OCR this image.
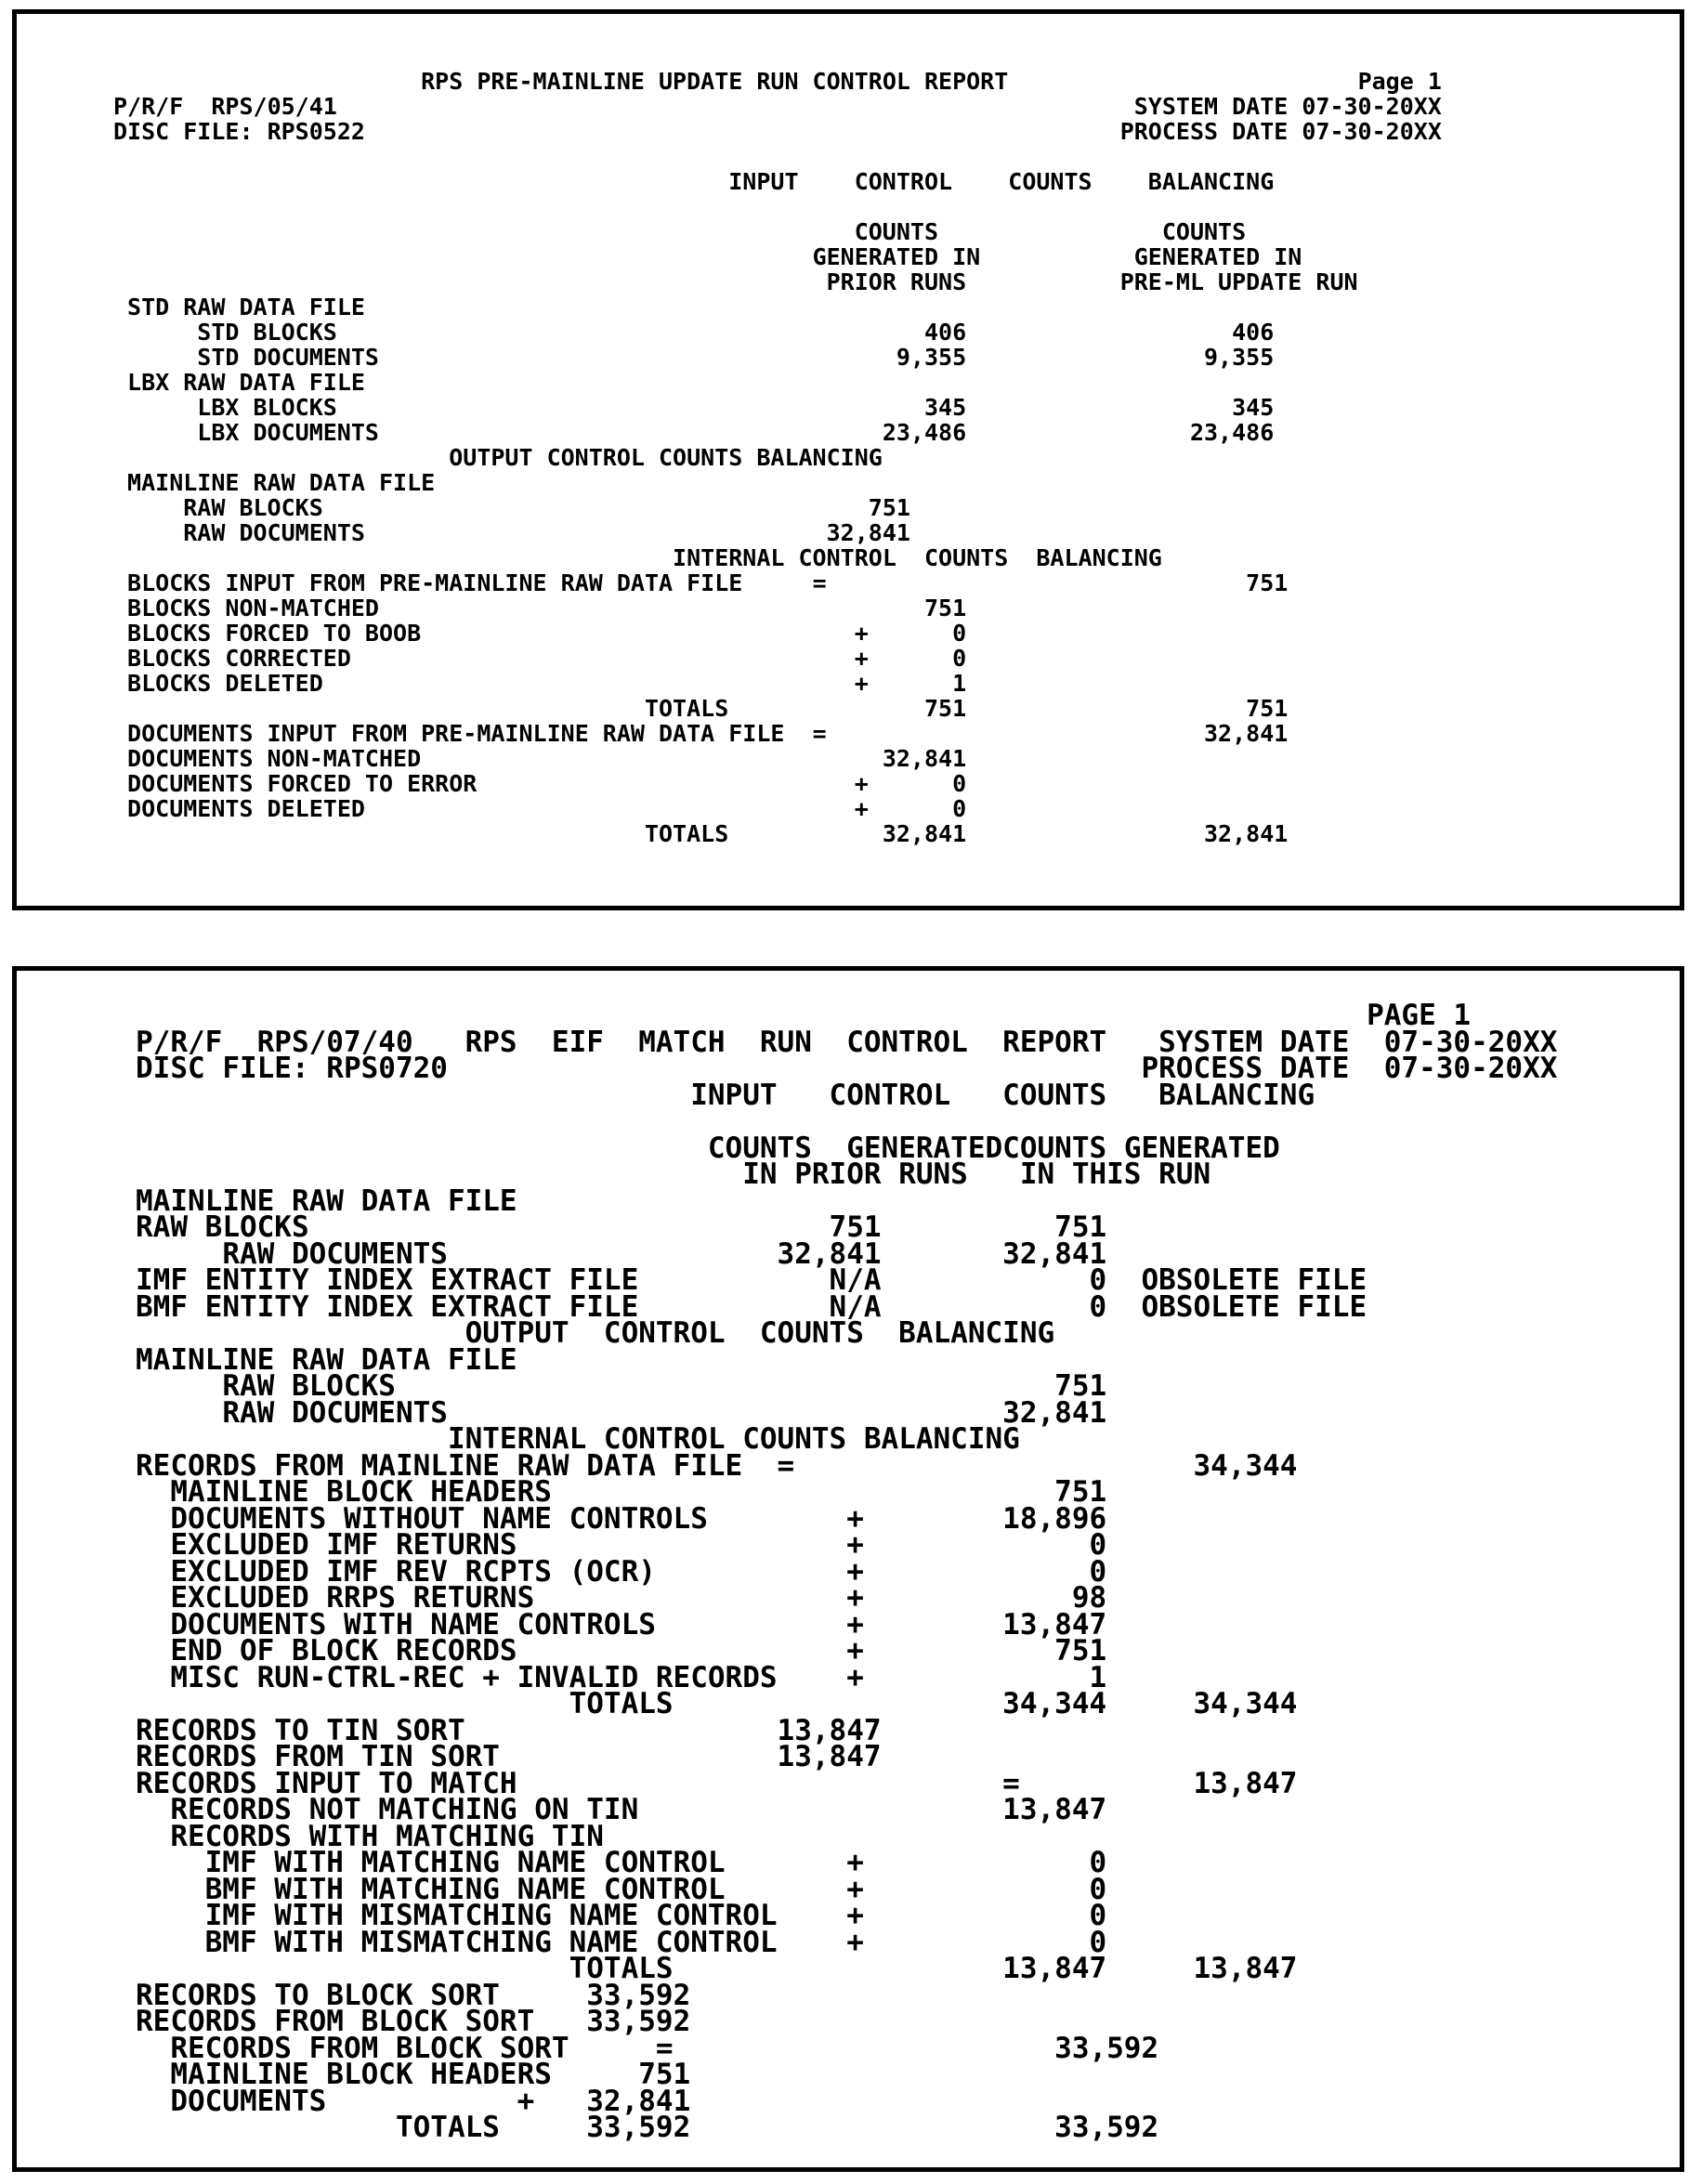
RPS PRE-MAINLINE UPDATE RUN CONTROL REPORT	Page 1
P/R/F  RPS/05/41	SYSTEM DATE 07-30-20XX
DISC FILE: RPS0522	PROCESS DATE 07-30-20XX
INPUT CONTROL COUNTS BALANCING
COUNTS	COUNTS
GENERATED IN	GENERATED IN
PRIOR RUNS	PRE-ML UPDATE RUN
STD RAW DATA FILE
STD BLOCKS	406	406
STD DOCUMENTS	9,355	9,355
LBX RAW DATA FILE
LBX BLOCKS	345	345
LBX DOCUMENTS	23,486	23,486
OUTPUT CONTROL COUNTS BALANCING
MAINLINE RAW DATA FILE
RAW BLOCKS	751
RAW DOCUMENTS	32,841
INTERNAL CONTROL  COUNTS  BALANCING
BLOCKS INPUT FROM PRE-MAINLINE RAW DATA FILE	=	751
BLOCKS NON-MATCHED	751
BLOCKS FORCED TO BOOB	+	0
BLOCKS CORRECTED	+	0
BLOCKS DELETED	+	1
TOTALS	751	751
DOCUMENTS INPUT FROM PRE-MAINLINE RAW DATA FILE =	32,841
DOCUMENTS NON-MATCHED	32,841
DOCUMENTS FORCED TO ERROR	+	0
DOCUMENTS DELETED	+	0
TOTALS	32,841	32,841
PAGE 1
P/R/F  RPS/07/40 RPS  EIF  MATCH  RUN  CONTROL  REPORT SYSTEM DATE 07-30-20XX
DISC FILE: RPS0720	PROCESS DATE 07-30-20XX
INPUT   CONTROL   COUNTS   BALANCING
COUNTS  GENERATED COUNTS GENERATED
IN PRIOR RUNS IN THIS RUN
MAINLINE RAW DATA FILE
RAW BLOCKS	751	751
RAW DOCUMENTS	32,841	32,841
IMF ENTITY INDEX EXTRACT FILE	N/A	0 OBSOLETE FILE
BMF ENTITY INDEX EXTRACT FILE	N/A	0 OBSOLETE FILE
OUTPUT  CONTROL  COUNTS  BALANCING
MAINLINE RAW DATA FILE
RAW BLOCKS	751
RAW DOCUMENTS	32,841
INTERNAL CONTROL COUNTS BALANCING
RECORDS FROM MAINLINE RAW DATA FILE =	34,344
MAINLINE BLOCK HEADERS	751
DOCUMENTS WITHOUT NAME CONTROLS	+	18,896
EXCLUDED IMF RETURNS	+	0
EXCLUDED IMF REV RCPTS (OCR)	+	0
EXCLUDED RRPS RETURNS	+	98
DOCUMENTS WITH NAME CONTROLS	+	13,847
END OF BLOCK RECORDS	+	751
MISC RUN-CTRL-REC + INVALID RECORDS +	1
TOTALS	34,344	34,344
RECORDS TO TIN SORT	13,847
RECORDS FROM TIN SORT	13,847
RECORDS INPUT TO MATCH	=	13,847
RECORDS NOT MATCHING ON TIN	13,847
RECORDS WITH MATCHING TIN
IMF WITH MATCHING NAME CONTROL	+	0
BMF WITH MATCHING NAME CONTROL	+	0
IMF WITH MISMATCHING NAME CONTROL +	0
BMF WITH MISMATCHING NAME CONTROL +	0
TOTALS	13,847	13,847
RECORDS TO BLOCK SORT	33,592
RECORDS FROM BLOCK SORT 33,592
RECORDS FROM BLOCK SORT	=	33,592
MAINLINE BLOCK HEADERS	751
DOCUMENTS	+ 32,841
TOTALS	33,592	33,592
